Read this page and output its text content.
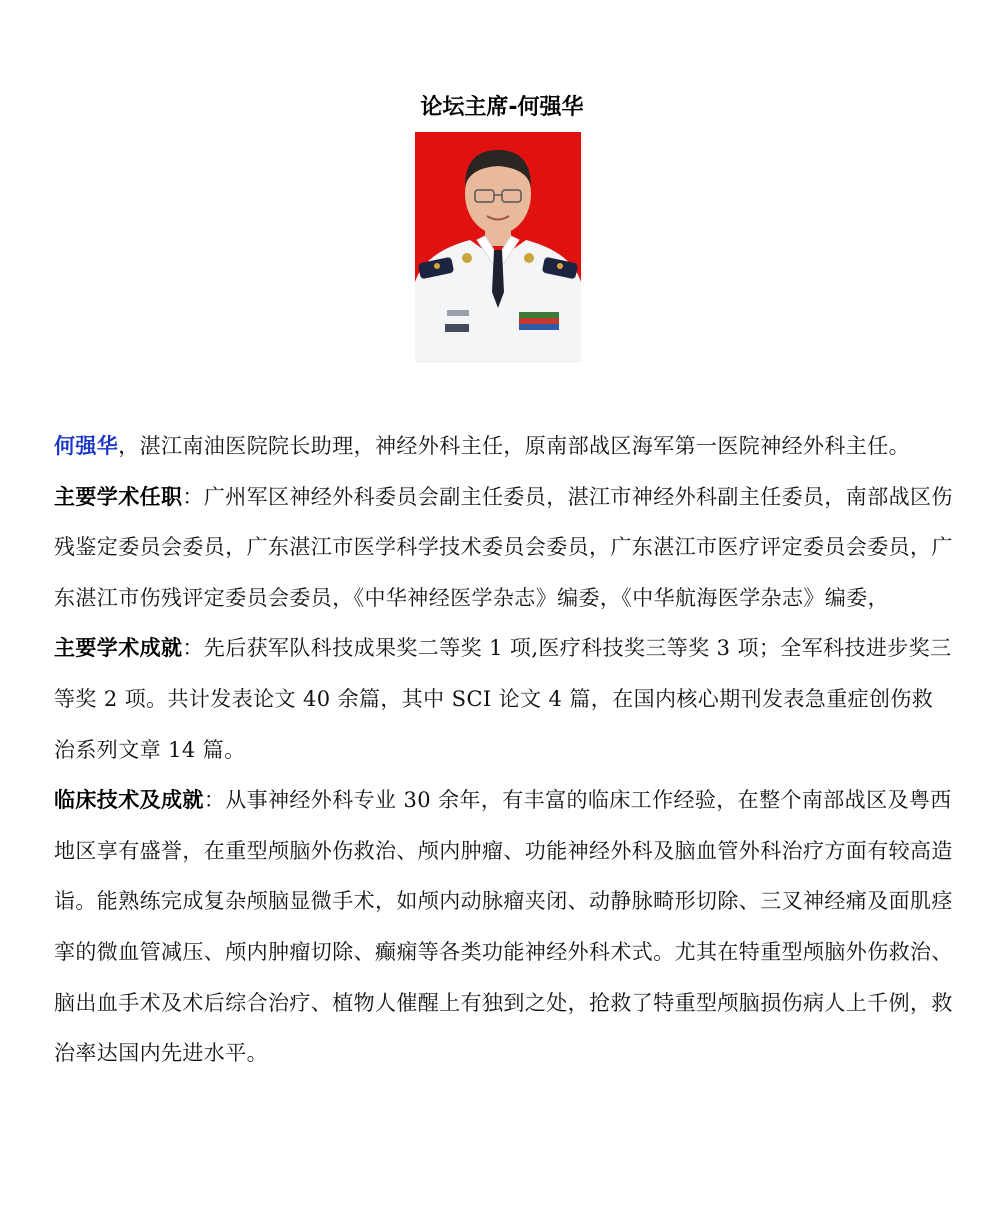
论坛主席-何强华

何强华，湛江南油医院院长助理，神经外科主任，原南部战区海军第一医院神经外科主任。

主要学术任职：广州军区神经外科委员会副主任委员，湛江市神经外科副主任委员，南部战区伤残鉴定委员会委员，广东湛江市医学科学技术委员会委员，广东湛江市医疗评定委员会委员，广东湛江市伤残评定委员会委员，《中华神经医学杂志》编委，《中华航海医学杂志》编委，

主要学术成就：先后获军队科技成果奖二等奖 1 项,医疗科技奖三等奖 3 项；全军科技进步奖三等奖 2 项。共计发表论文 40 余篇，其中 SCI 论文 4 篇，在国内核心期刊发表急重症创伤救治系列文章 14 篇。

临床技术及成就：从事神经外科专业 30 余年，有丰富的临床工作经验，在整个南部战区及粤西地区享有盛誉，在重型颅脑外伤救治、颅内肿瘤、功能神经外科及脑血管外科治疗方面有较高造诣。能熟练完成复杂颅脑显微手术，如颅内动脉瘤夹闭、动静脉畸形切除、三叉神经痛及面肌痉挛的微血管减压、颅内肿瘤切除、癫痫等各类功能神经外科术式。尤其在特重型颅脑外伤救治、脑出血手术及术后综合治疗、植物人催醒上有独到之处，抢救了特重型颅脑损伤病人上千例，救治率达国内先进水平。
